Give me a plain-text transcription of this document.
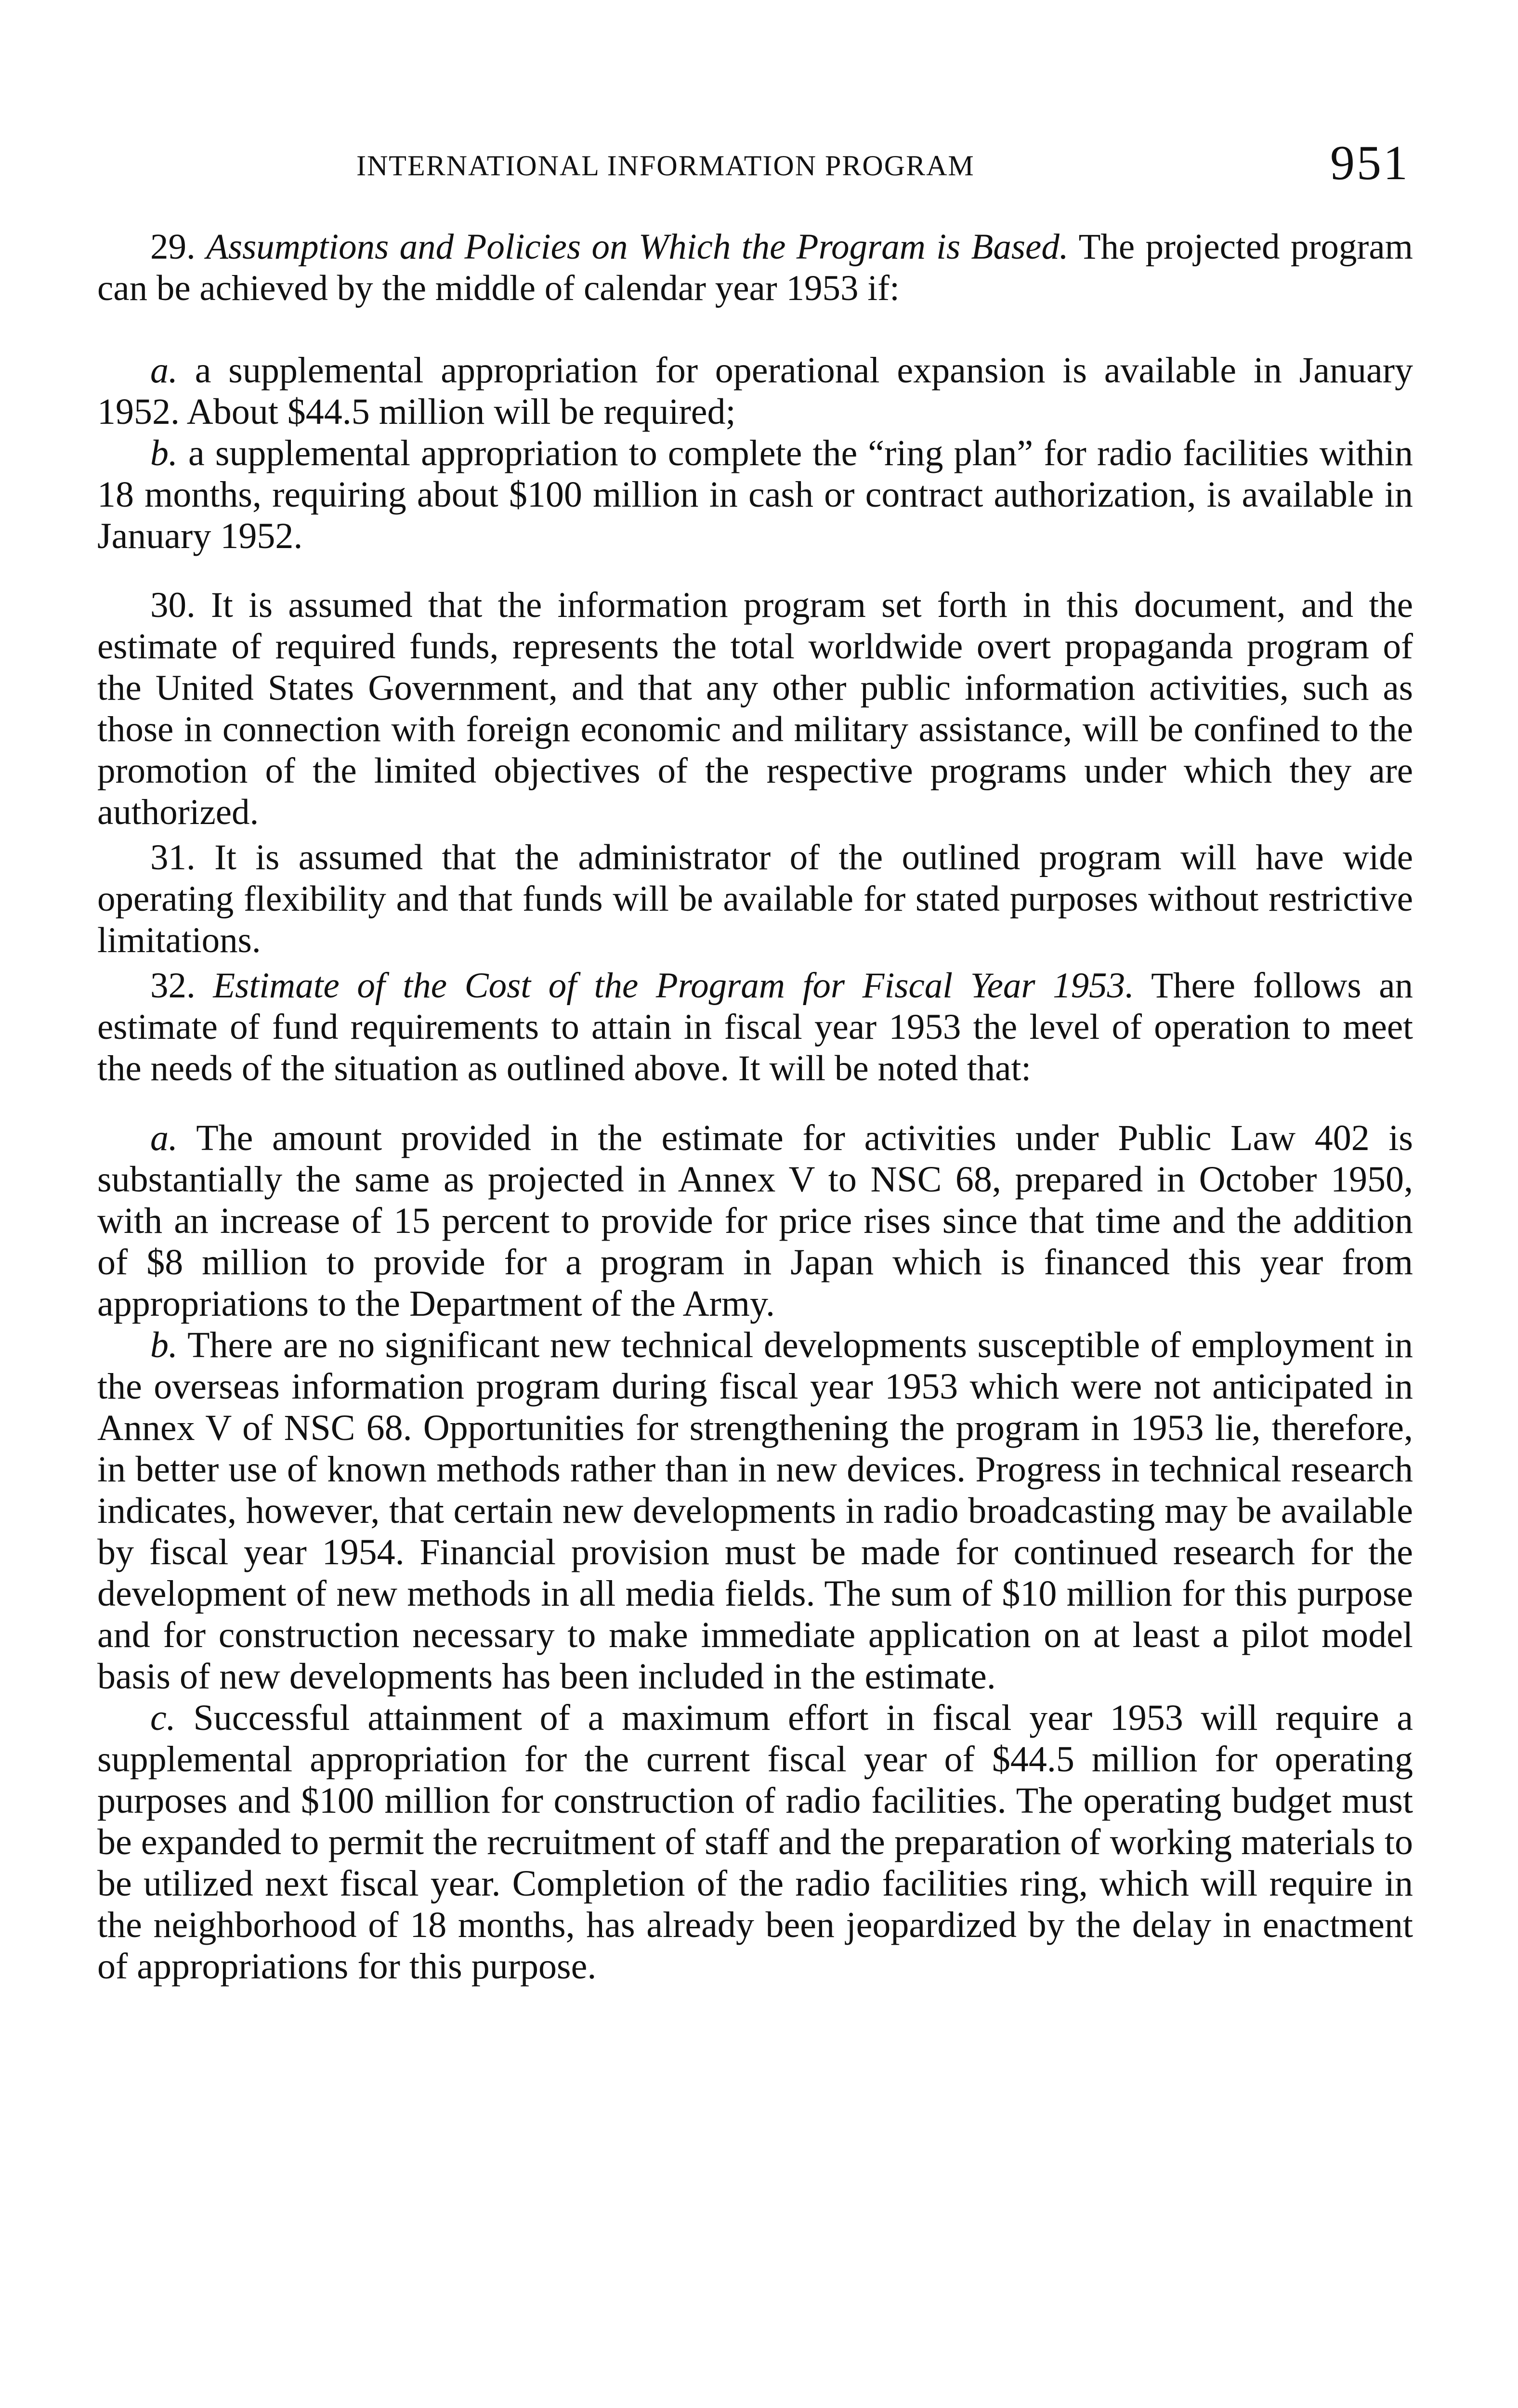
INTERNATIONAL INFORMATION PROGRAM	951

29. Assumptions and Policies on Which the Program is Based. The projected program can be achieved by the middle of calendar year 1953 if:

a. a supplemental appropriation for operational expansion is available in January 1952. About $44.5 million will be required;

b. a supplemental appropriation to complete the “ring plan” for radio facilities within 18 months, requiring about $100 million in cash or contract authorization, is available in January 1952.

30. It is assumed that the information program set forth in this document, and the estimate of required funds, represents the total worldwide overt propaganda program of the United States Government, and that any other public information activities, such as those in connection with foreign economic and military assistance, will be confined to the promotion of the limited objectives of the respective programs under which they are authorized.

31. It is assumed that the administrator of the outlined program will have wide operating flexibility and that funds will be available for stated purposes without restrictive limitations.

32. Estimate of the Cost of the Program for Fiscal Year 1953. There follows an estimate of fund requirements to attain in fiscal year 1953 the level of operation to meet the needs of the situation as outlined above. It will be noted that:

a. The amount provided in the estimate for activities under Public Law 402 is substantially the same as projected in Annex V to NSC 68, prepared in October 1950, with an increase of 15 percent to provide for price rises since that time and the addition of $8 million to provide for a program in Japan which is financed this year from appropriations to the Department of the Army.

b. There are no significant new technical developments susceptible of employment in the overseas information program during fiscal year 1953 which were not anticipated in Annex V of NSC 68. Opportunities for strengthening the program in 1953 lie, therefore, in better use of known methods rather than in new devices. Progress in technical research indicates, however, that certain new developments in radio broadcasting may be available by fiscal year 1954. Financial provision must be made for continued research for the development of new methods in all media fields. The sum of $10 million for this purpose and for construction necessary to make immediate application on at least a pilot model basis of new developments has been included in the estimate.

c. Successful attainment of a maximum effort in fiscal year 1953 will require a supplemental appropriation for the current fiscal year of $44.5 million for operating purposes and $100 million for construction of radio facilities. The operating budget must be expanded to permit the recruitment of staff and the preparation of working materials to be utilized next fiscal year. Completion of the radio facilities ring, which will require in the neighborhood of 18 months, has already been jeopardized by the delay in enactment of appropriations for this purpose.
